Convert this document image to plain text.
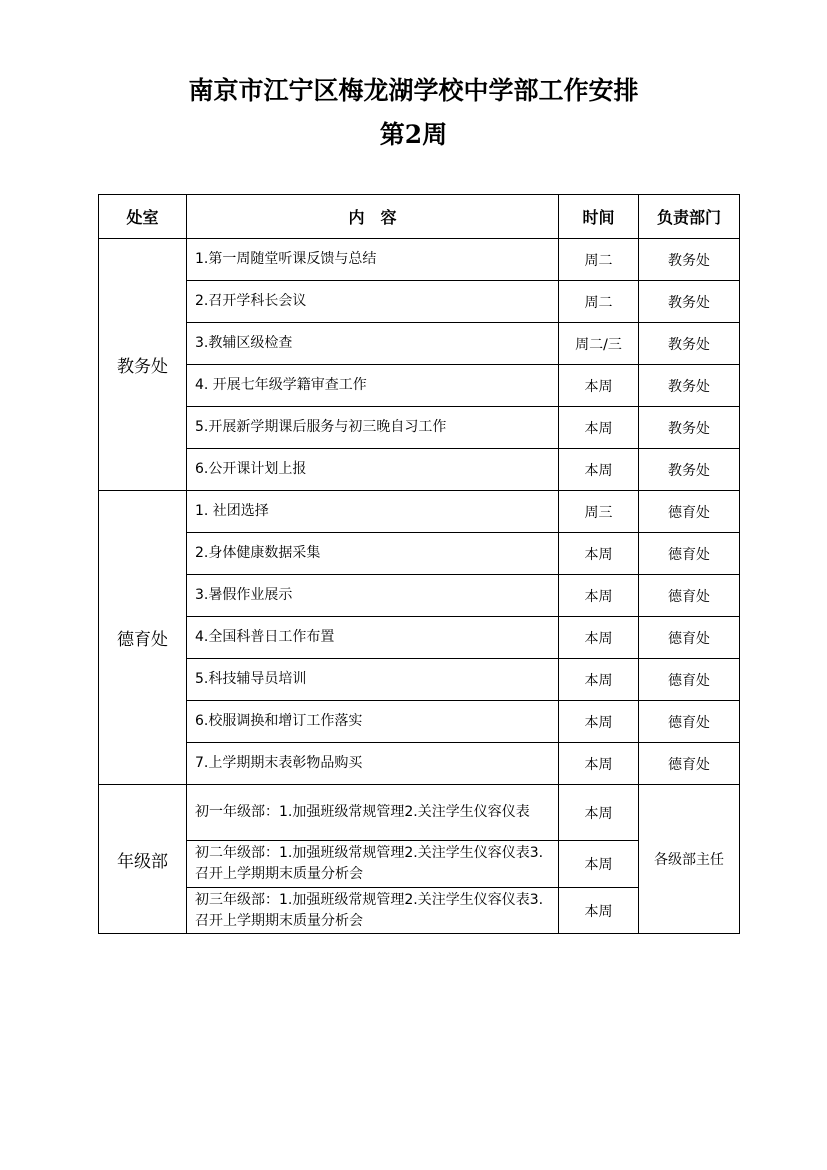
南京市江宁区梅龙湖学校中学部工作安排
第2周
处室	内　容	时间	负责部门
教务处	1.第一周随堂听课反馈与总结	周二	教务处
	2.召开学科长会议	周二	教务处
	3.教辅区级检查	周二/三	教务处
	4. 开展七年级学籍审查工作	本周	教务处
	5.开展新学期课后服务与初三晚自习工作	本周	教务处
	6.公开课计划上报	本周	教务处
德育处	1. 社团选择	周三	德育处
	2.身体健康数据采集	本周	德育处
	3.暑假作业展示	本周	德育处
	4.全国科普日工作布置	本周	德育处
	5.科技辅导员培训	本周	德育处
	6.校服调换和增订工作落实	本周	德育处
	7.上学期期末表彰物品购买	本周	德育处
年级部	初一年级部：1.加强班级常规管理2.关注学生仪容仪表	本周	各级部主任
	初二年级部：1.加强班级常规管理2.关注学生仪容仪表3.召开上学期期末质量分析会	本周	
	初三年级部：1.加强班级常规管理2.关注学生仪容仪表3.召开上学期期末质量分析会	本周	
